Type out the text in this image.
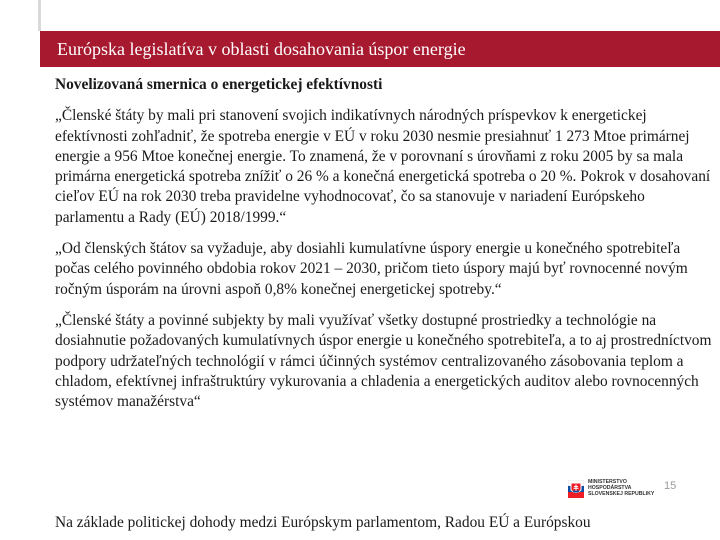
Európska legislatíva v oblasti dosahovania úspor energie

Novelizovaná smernica o energetickej efektívnosti

„Členské štáty by mali pri stanovení svojich indikatívnych národných príspevkov k energetickej efektívnosti zohľadniť, že spotreba energie v EÚ v roku 2030 nesmie presiahnuť 1 273 Mtoe primárnej energie a 956 Mtoe konečnej energie. To znamená, že v porovnaní s úrovňami z roku 2005 by sa mala primárna energetická spotreba znížiť o 26 % a konečná energetická spotreba o 20 %. Pokrok v dosahovaní cieľov EÚ na rok 2030 treba pravidelne vyhodnocovať, čo sa stanovuje v nariadení Európskeho parlamentu a Rady (EÚ) 2018/1999.“

„Od členských štátov sa vyžaduje, aby dosiahli kumulatívne úspory energie u konečného spotrebiteľa počas celého povinného obdobia rokov 2021 – 2030, pričom tieto úspory majú byť rovnocenné novým ročným úsporám na úrovni aspoň 0,8% konečnej energetickej spotreby.“

„Členské štáty a povinné subjekty by mali využívať všetky dostupné prostriedky a technológie na dosiahnutie požadovaných kumulatívnych úspor energie u konečného spotrebiteľa, a to aj prostredníctvom podpory udržateľných technológií v rámci účinných systémov centralizovaného zásobovania teplom a chladom, efektívnej infraštruktúry vykurovania a chladenia a energetických auditov alebo rovnocenných systémov manažérstva“

MINISTERSTVO
HOSPODÁRSTVA
SLOVENSKEJ REPUBLIKY
15
Na základe politickej dohody medzi Európskym parlamentom, Radou EÚ a Európskou
